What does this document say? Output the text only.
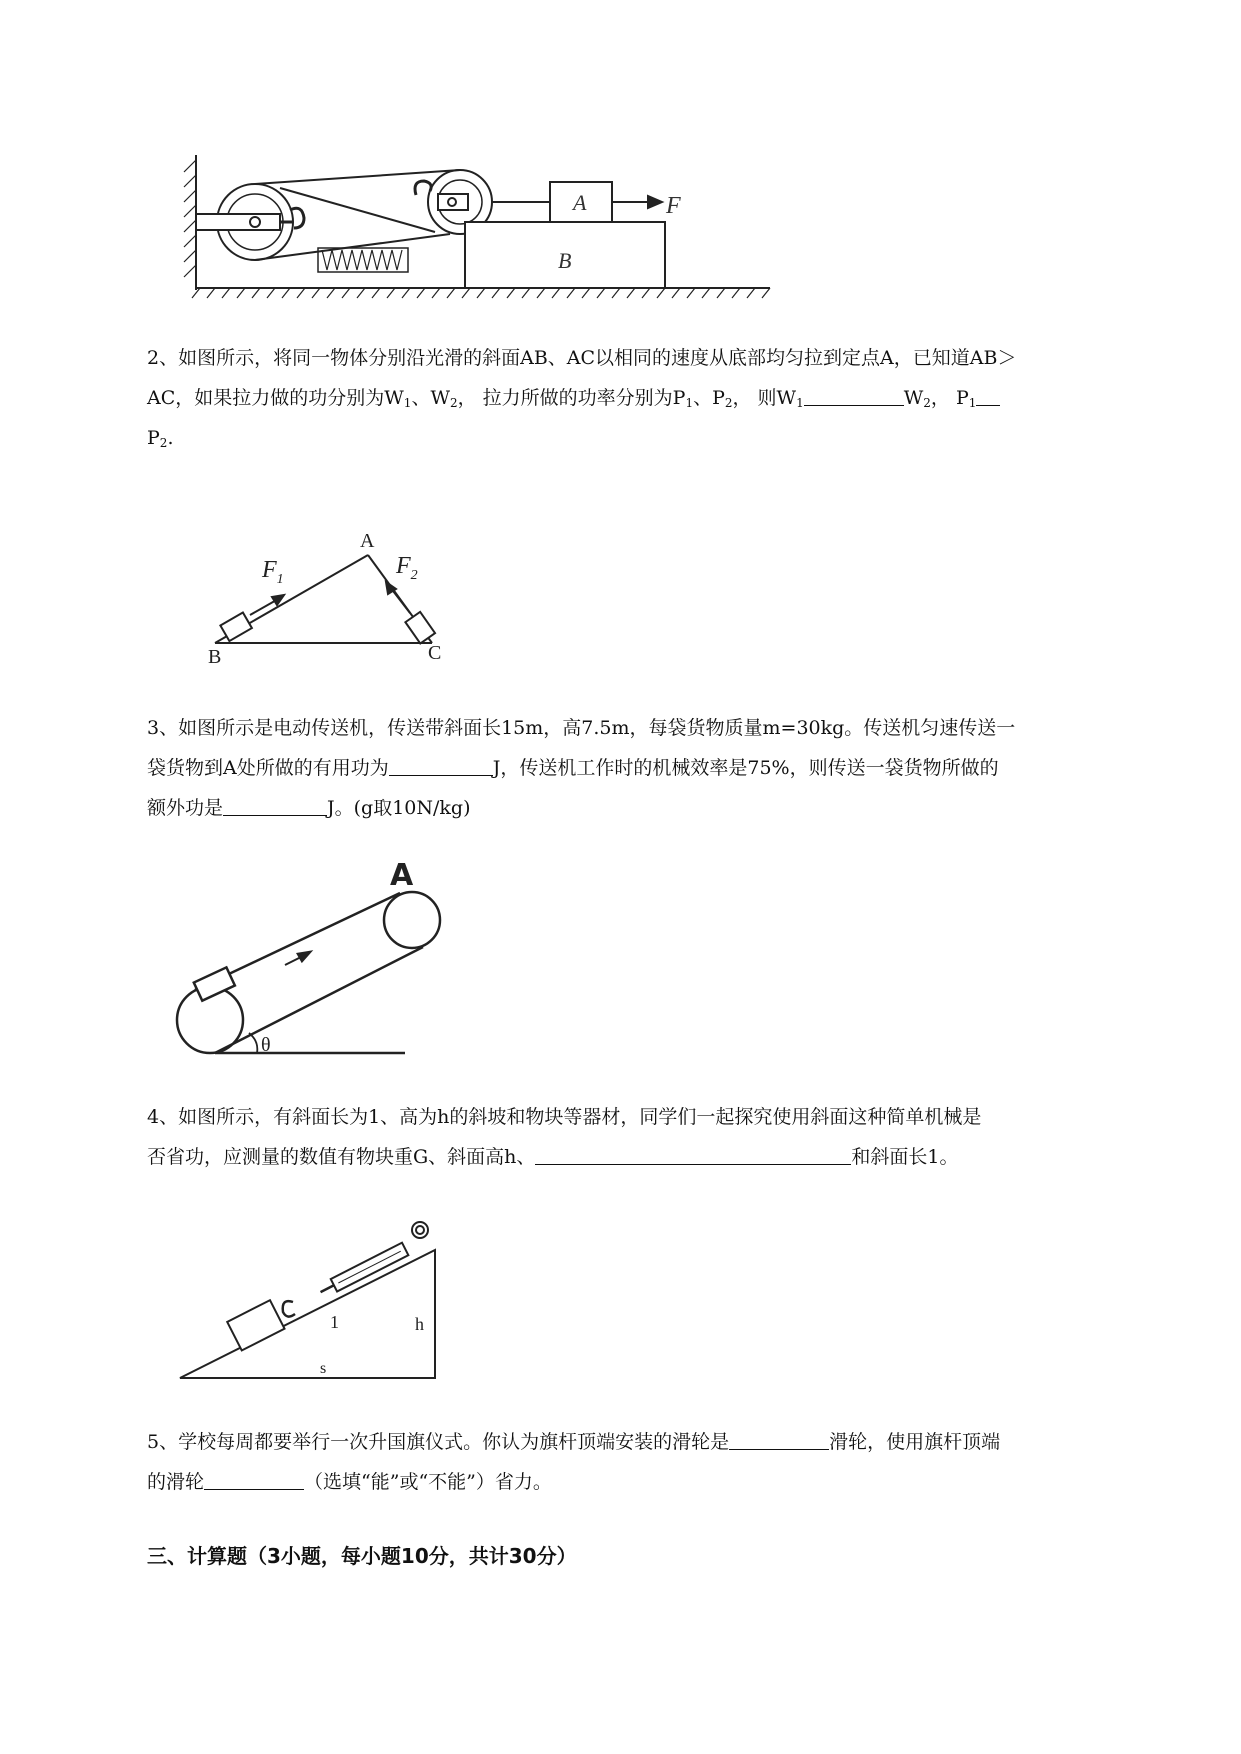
A
B
F

2、如图所示，将同一物体分别沿光滑的斜面AB、AC以相同的速度从底部均匀拉到定点A，已知道AB＞

AC，如果拉力做的功分别为$W_1$、$W_2$， 拉力所做的功率分别为$P_1$、$P_2$， 则$W_1$	$W_2$， $P_1$

$P_2$.

A
B	C
$F_1$
$F_2$

3、如图所示是电动传送机，传送带斜面长15m，高7.5m，每袋货物质量m=30kg。传送机匀速传送一

袋货物到A处所做的有用功为	J，传送机工作时的机械效率是75%，则传送一袋货物所做的

额外功是	J。(g取10N/kg)

A
θ

4、如图所示，有斜面长为1、高为h的斜坡和物块等器材，同学们一起探究使用斜面这种简单机械是

否省功，应测量的数值有物块重G、斜面高h、	和斜面长1。

1	h
s

5、学校每周都要举行一次升国旗仪式。你认为旗杆顶端安装的滑轮是	滑轮，使用旗杆顶端

的滑轮	（选填“能”或“不能”）省力。

三、计算题（3小题，每小题10分，共计30分）
